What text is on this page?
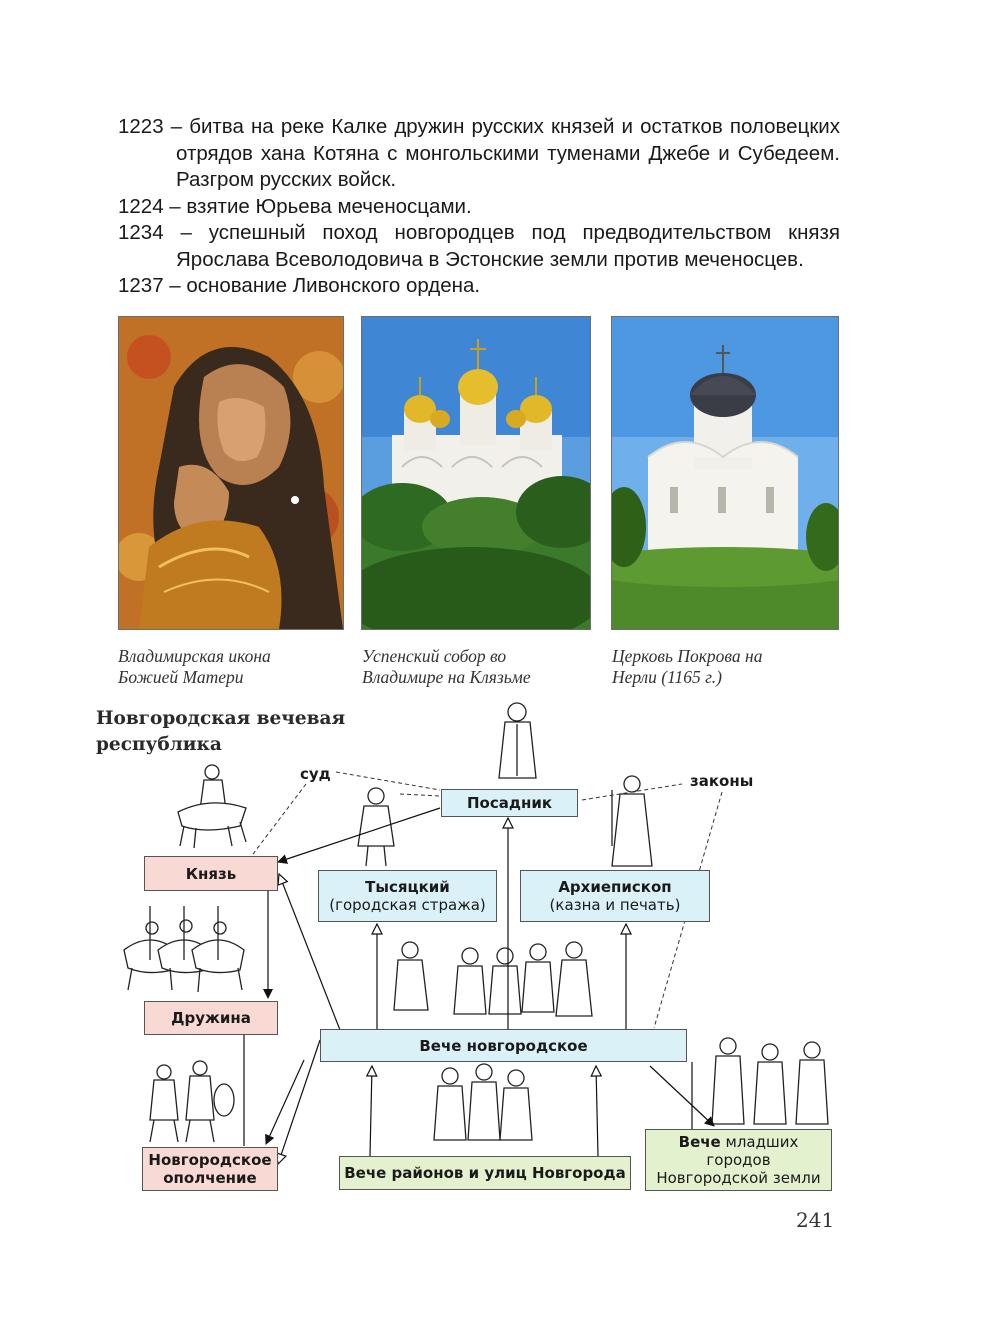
1223 – битва на реке Калке дружин русских князей и остатков половецких отрядов хана Котяна с монгольскими туменами Джебе и Субедеем. Разгром русских войск.
1224 – взятие Юрьева меченосцами.
1234 – успешный поход новгородцев под предводительством князя Ярослава Всеволодовича в Эстонские земли против меченосцев.
1237 – основание Ливонского ордена.
Владимирская икона
Божией Матери
Успенский собор во
Владимире на Клязьме
Церковь Покрова на
Нерли (1165 г.)
Новгородская вечевая
республика
суд	законы
Посадник
Князь
Тысяцкий
(городская стража)
Архиепископ
(казна и печать)
Дружина
Вече новгородское
Новгородское
ополчение	Вече районов и улиц Новгорода
Вече младших
городов
Новгородской земли
241
